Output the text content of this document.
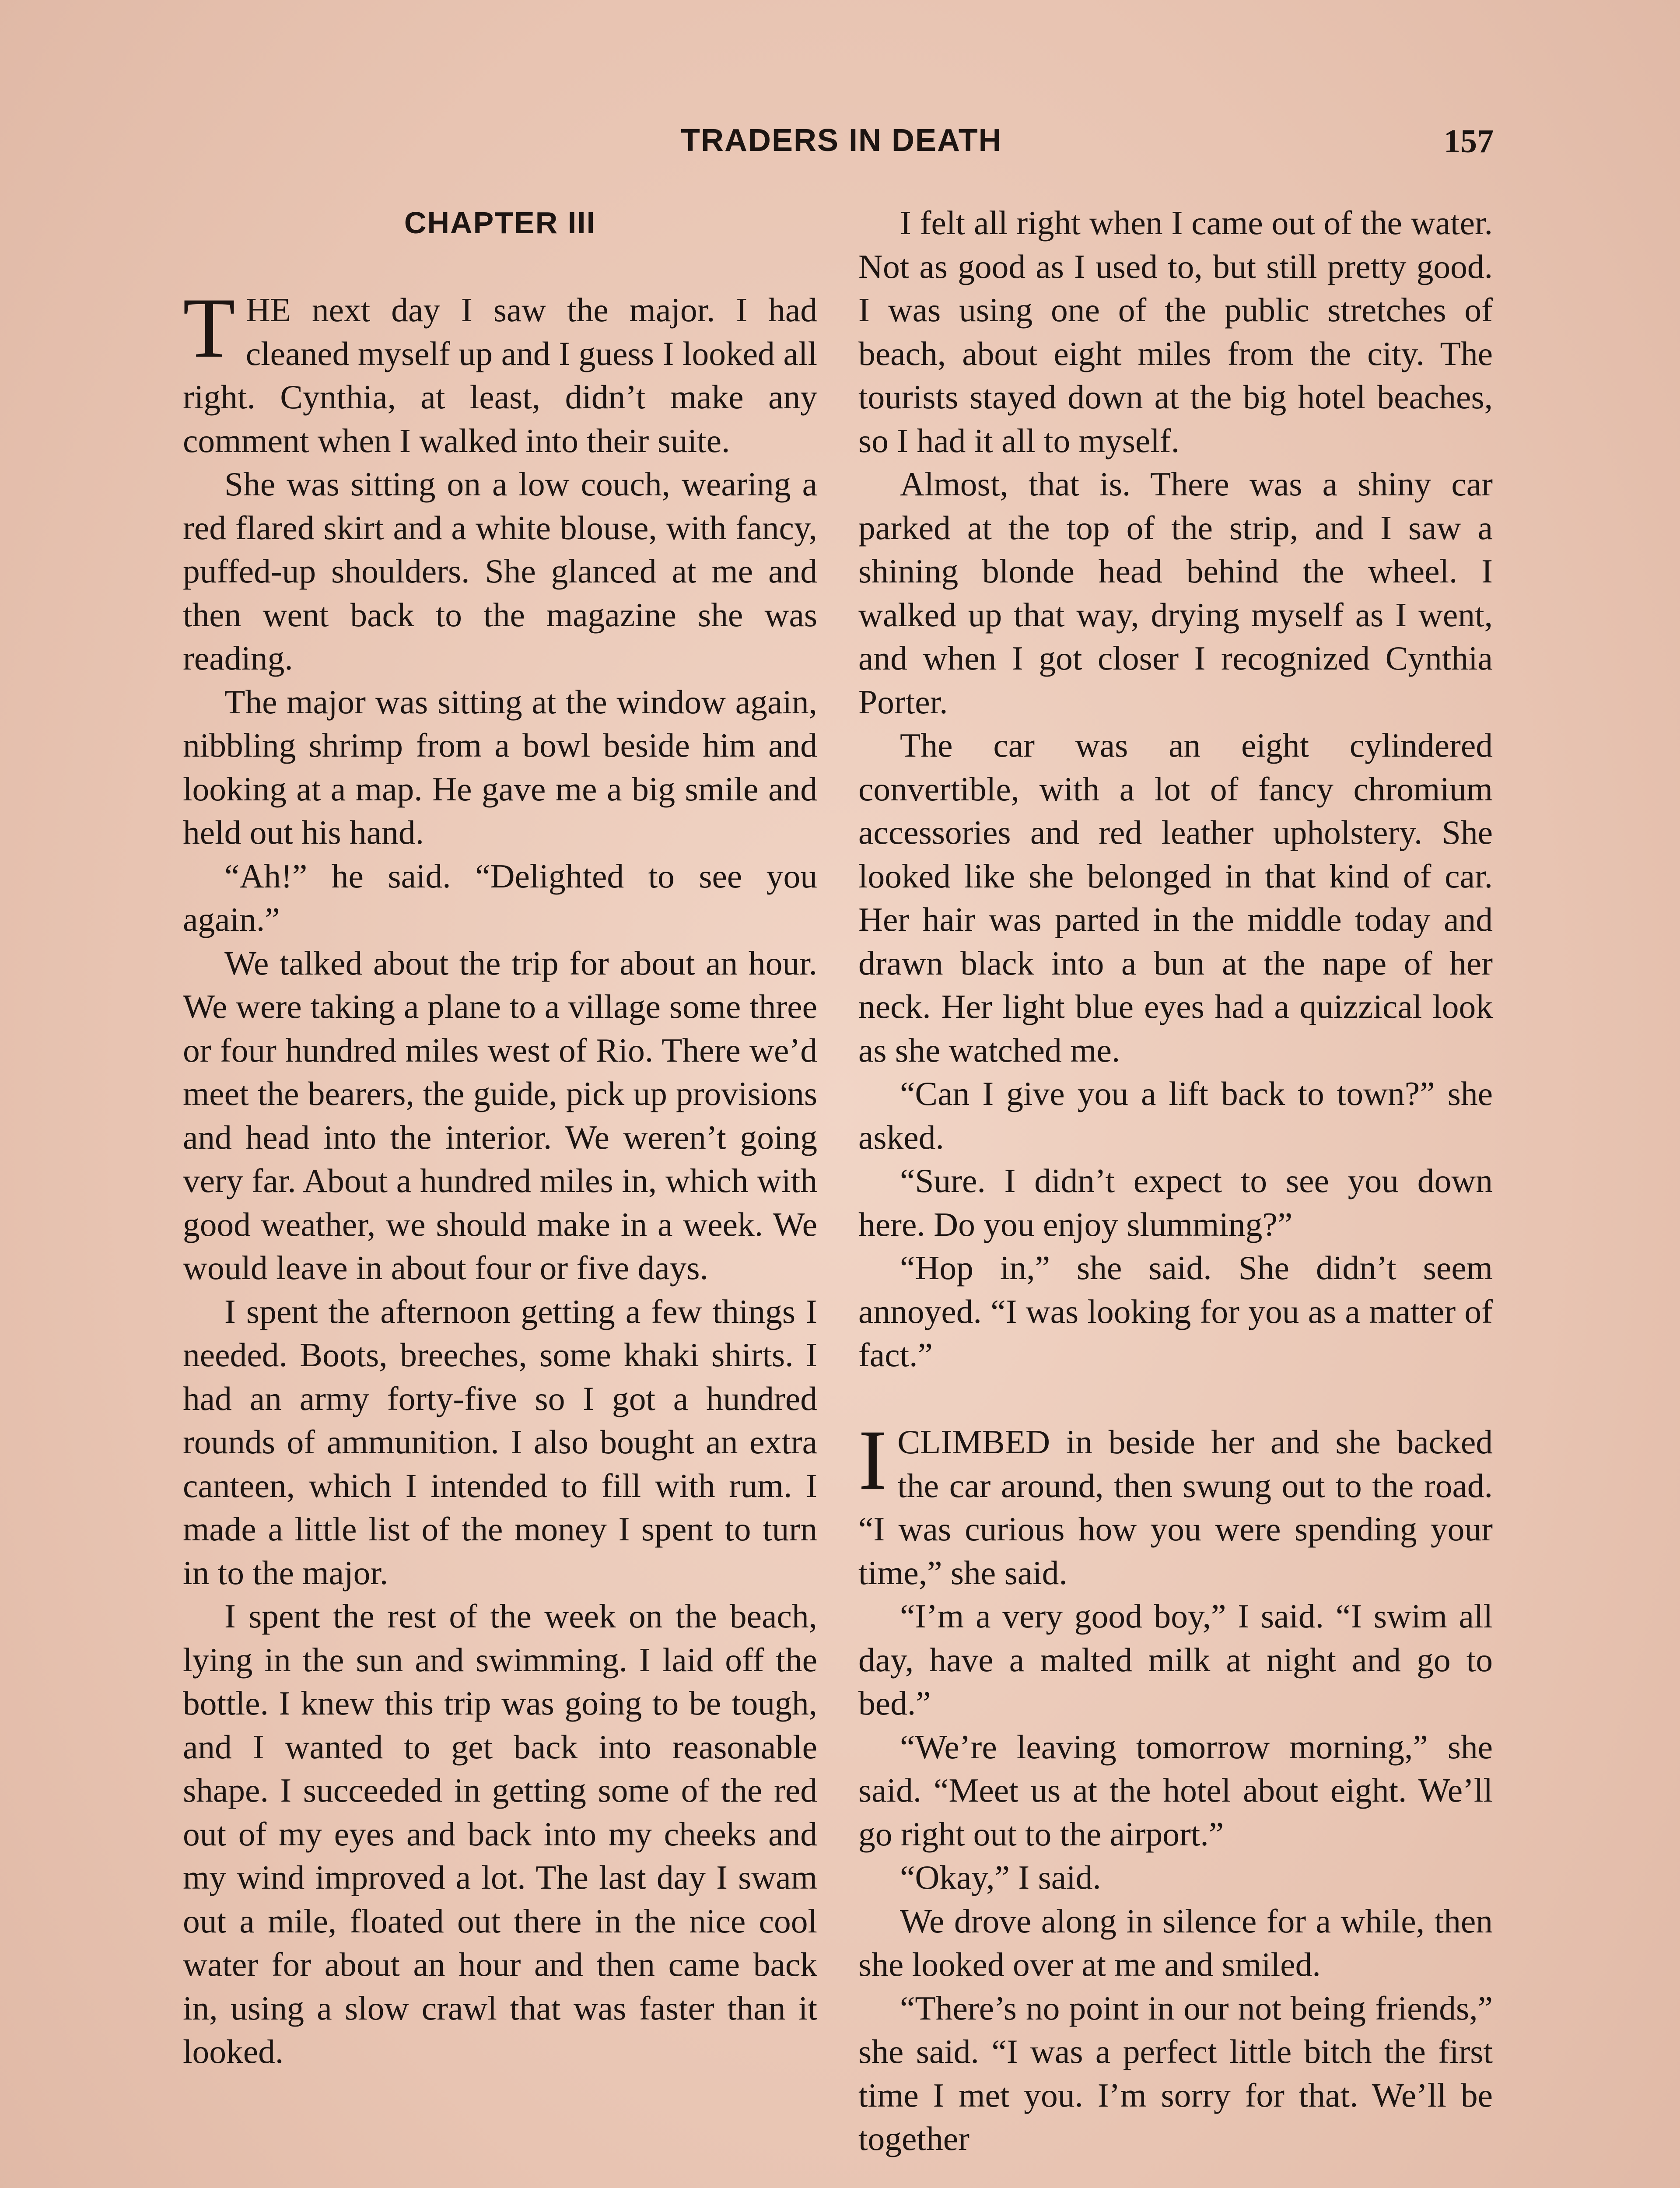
TRADERS IN DEATH	157
CHAPTER III

THE next day I saw the major. I had cleaned myself up and I guess I looked all right. Cynthia, at least, didn’t make any comment when I walked into their suite.

She was sitting on a low couch, wearing a red flared skirt and a white blouse, with fancy, puffed-up shoulders. She glanced at me and then went back to the magazine she was reading.

The major was sitting at the window again, nibbling shrimp from a bowl beside him and looking at a map. He gave me a big smile and held out his hand.

“Ah!” he said. “Delighted to see you again.”

We talked about the trip for about an hour. We were taking a plane to a village some three or four hundred miles west of Rio. There we’d meet the bearers, the guide, pick up provisions and head into the interior. We weren’t going very far. About a hundred miles in, which with good weather, we should make in a week. We would leave in about four or five days.

I spent the afternoon getting a few things I needed. Boots, breeches, some khaki shirts. I had an army forty-five so I got a hundred rounds of ammunition. I also bought an extra canteen, which I intended to fill with rum. I made a little list of the money I spent to turn in to the major.

I spent the rest of the week on the beach, lying in the sun and swimming. I laid off the bottle. I knew this trip was going to be tough, and I wanted to get back into reasonable shape. I succeeded in getting some of the red out of my eyes and back into my cheeks and my wind improved a lot. The last day I swam out a mile, floated out there in the nice cool water for about an hour and then came back in, using a slow crawl that was faster than it looked.

I felt all right when I came out of the water. Not as good as I used to, but still pretty good. I was using one of the public stretches of beach, about eight miles from the city. The tourists stayed down at the big hotel beaches, so I had it all to myself.

Almost, that is. There was a shiny car parked at the top of the strip, and I saw a shining blonde head behind the wheel. I walked up that way, drying myself as I went, and when I got closer I recognized Cynthia Porter.

The car was an eight cylindered convertible, with a lot of fancy chromium accessories and red leather upholstery. She looked like she belonged in that kind of car. Her hair was parted in the middle today and drawn black into a bun at the nape of her neck. Her light blue eyes had a quizzical look as she watched me.

“Can I give you a lift back to town?” she asked.

“Sure. I didn’t expect to see you down here. Do you enjoy slumming?”

“Hop in,” she said. She didn’t seem annoyed. “I was looking for you as a matter of fact.”

ICLIMBED in beside her and she backed the car around, then swung out to the road. “I was curious how you were spending your time,” she said.

“I’m a very good boy,” I said. “I swim all day, have a malted milk at night and go to bed.”

“We’re leaving tomorrow morning,” she said. “Meet us at the hotel about eight. We’ll go right out to the airport.”

“Okay,” I said.

We drove along in silence for a while, then she looked over at me and smiled.

“There’s no point in our not being friends,” she said. “I was a perfect little bitch the first time I met you. I’m sorry for that. We’ll be together
